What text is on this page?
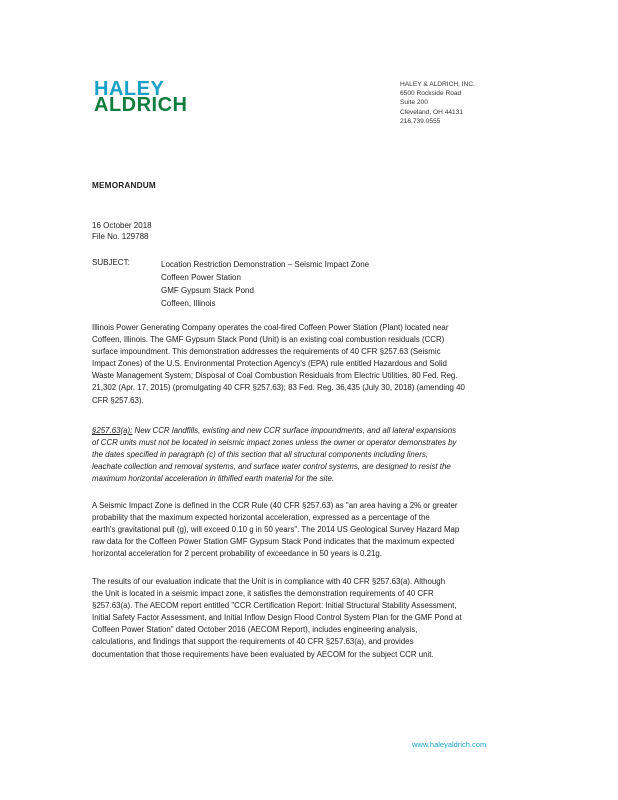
HALEY
ALDRICH
HALEY & ALDRICH, INC.
6500 Rockside Road
Suite 200
Cleveland, OH 44131
216.739.0555
MEMORANDUM
16 October 2018
File No. 129788
SUBJECT:	Location Restriction Demonstration – Seismic Impact Zone
Coffeen Power Station
GMF Gypsum Stack Pond
Coffeen, Illinois
Illinois Power Generating Company operates the coal-fired Coffeen Power Station (Plant) located near
Coffeen, Illinois. The GMF Gypsum Stack Pond (Unit) is an existing coal combustion residuals (CCR)
surface impoundment. This demonstration addresses the requirements of 40 CFR §257.63 (Seismic
Impact Zones) of the U.S. Environmental Protection Agency's (EPA) rule entitled Hazardous and Solid
Waste Management System; Disposal of Coal Combustion Residuals from Electric Utilities. 80 Fed. Reg.
21,302 (Apr. 17, 2015) (promulgating 40 CFR §257.63); 83 Fed. Reg. 36,435 (July 30, 2018) (amending 40
CFR §257.63).
§257.63(a): New CCR landfills, existing and new CCR surface impoundments, and all lateral expansions
of CCR units must not be located in seismic impact zones unless the owner or operator demonstrates by
the dates specified in paragraph (c) of this section that all structural components including liners,
leachate collection and removal systems, and surface water control systems, are designed to resist the
maximum horizontal acceleration in lithified earth material for the site.
A Seismic Impact Zone is defined in the CCR Rule (40 CFR §257.63) as "an area having a 2% or greater
probability that the maximum expected horizontal acceleration, expressed as a percentage of the
earth's gravitational pull (g), will exceed 0.10 g in 50 years". The 2014 US Geological Survey Hazard Map
raw data for the Coffeen Power Station GMF Gypsum Stack Pond indicates that the maximum expected
horizontal acceleration for 2 percent probability of exceedance in 50 years is 0.21g.
The results of our evaluation indicate that the Unit is in compliance with 40 CFR §257.63(a). Although
the Unit is located in a seismic impact zone, it satisfies the demonstration requirements of 40 CFR
§257.63(a). The AECOM report entitled "CCR Certification Report: Initial Structural Stability Assessment,
Initial Safety Factor Assessment, and Initial Inflow Design Flood Control System Plan for the GMF Pond at
Coffeen Power Station" dated October 2016 (AECOM Report), includes engineering analysis,
calculations, and findings that support the requirements of 40 CFR §257.63(a), and provides
documentation that those requirements have been evaluated by AECOM for the subject CCR unit.
www.haleyaldrich.com
